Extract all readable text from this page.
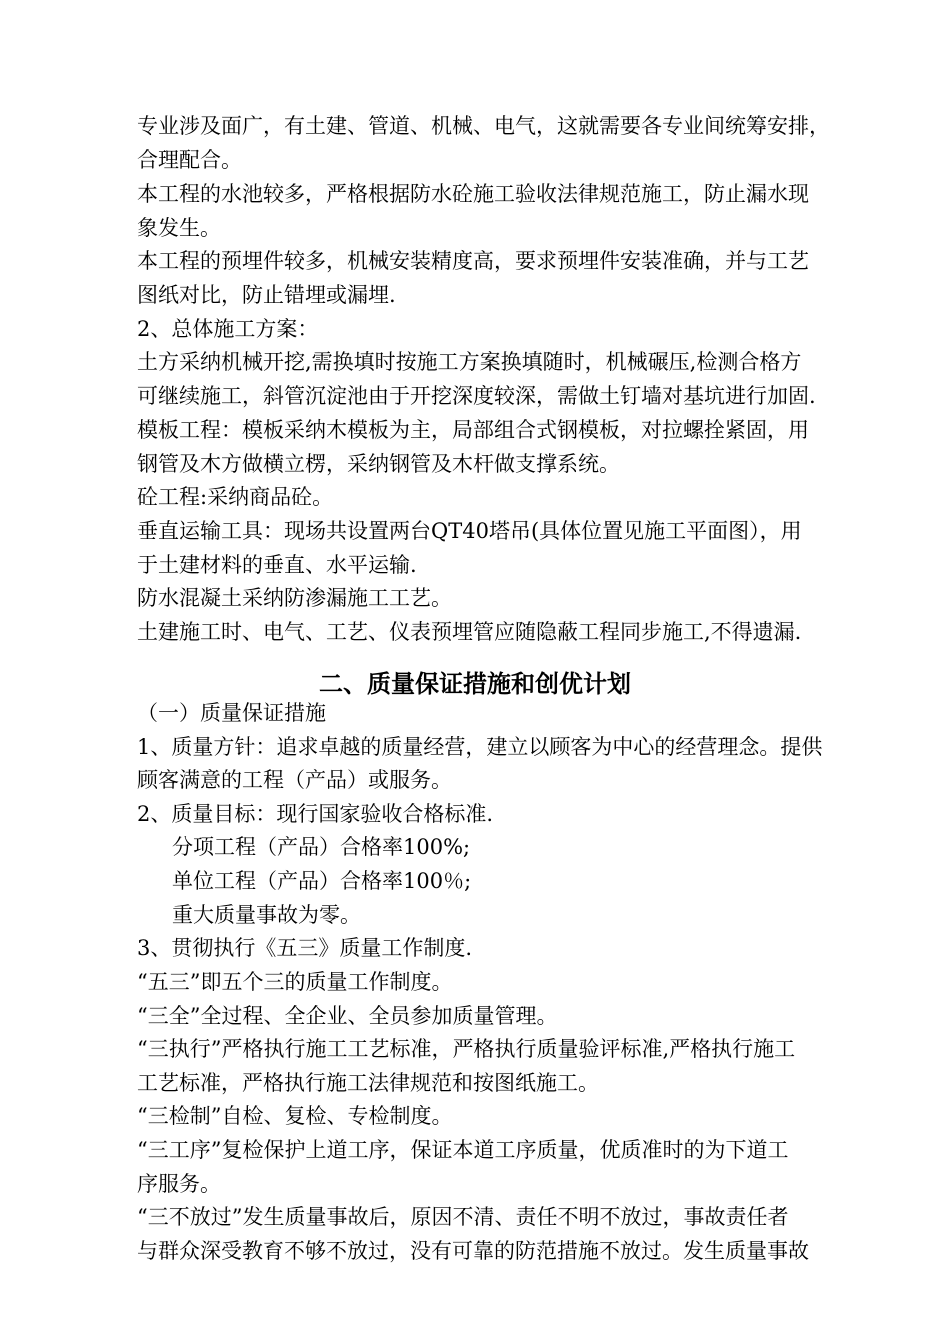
专业涉及面广，有土建、管道、机械、电气，这就需要各专业间统筹安排，
合理配合。
本工程的水池较多，严格根据防水砼施工验收法律规范施工，防止漏水现
象发生。
本工程的预埋件较多，机械安装精度高，要求预埋件安装准确，并与工艺
图纸对比，防止错埋或漏埋.
2、总体施工方案：
土方采纳机械开挖,需换填时按施工方案换填随时，机械碾压,检测合格方
可继续施工，斜管沉淀池由于开挖深度较深，需做土钉墙对基坑进行加固.
模板工程：模板采纳木模板为主，局部组合式钢模板，对拉螺拴紧固，用
钢管及木方做横立楞，采纳钢管及木杆做支撑系统。
砼工程:采纳商品砼。
垂直运输工具：现场共设置两台QT40塔吊(具体位置见施工平面图），用
于土建材料的垂直、水平运输.
防水混凝土采纳防渗漏施工工艺。
土建施工时、电气、工艺、仪表预埋管应随隐蔽工程同步施工,不得遗漏.
二、质量保证措施和创优计划
（一）质量保证措施
1、质量方针：追求卓越的质量经营，建立以顾客为中心的经营理念。提供
顾客满意的工程（产品）或服务。
2、质量目标：现行国家验收合格标准.
分项工程（产品）合格率100%;
单位工程（产品）合格率100％;
重大质量事故为零。
3、贯彻执行《五三》质量工作制度.
“五三”即五个三的质量工作制度。
“三全”全过程、全企业、全员参加质量管理。
“三执行”严格执行施工工艺标准，严格执行质量验评标准,严格执行施工
工艺标准，严格执行施工法律规范和按图纸施工。
“三检制”自检、复检、专检制度。
“三工序”复检保护上道工序，保证本道工序质量，优质准时的为下道工
序服务。
“三不放过”发生质量事故后，原因不清、责任不明不放过，事故责任者
与群众深受教育不够不放过，没有可靠的防范措施不放过。发生质量事故
